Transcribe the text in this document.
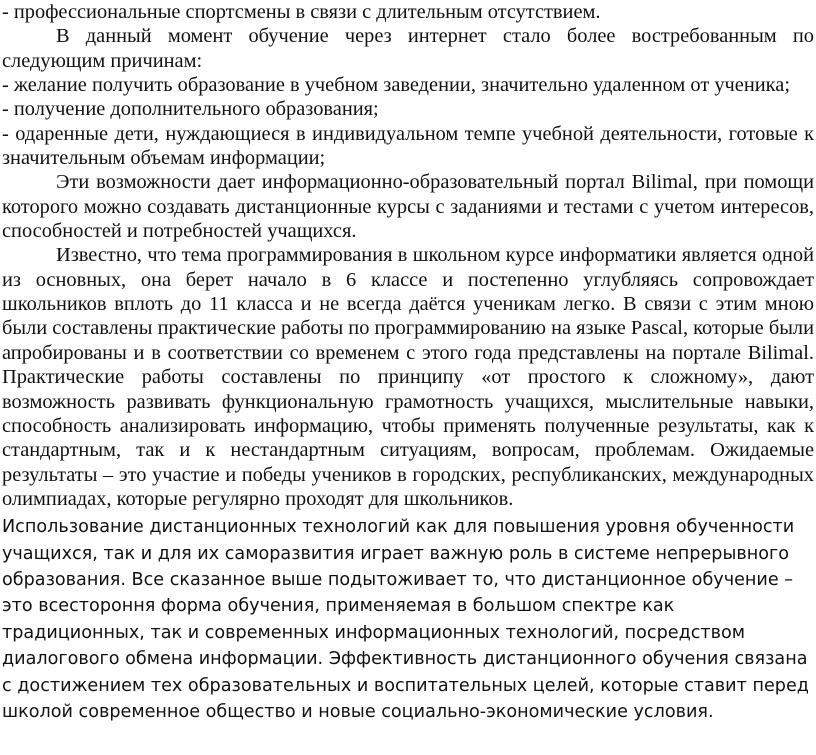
- профессиональные спортсмены в связи с длительным отсутствием.

В данный момент обучение через интернет стало более востребованным по следующим причинам:

- желание получить образование в учебном заведении, значительно удаленном от ученика;

- получение дополнительного образования;

- одаренные дети, нуждающиеся в индивидуальном темпе учебной деятельности, готовые к значительным объемам информации;

Эти возможности дает информационно-образовательный портал Bilimal, при помощи которого можно создавать дистанционные курсы с заданиями и тестами с учетом интересов, способностей и потребностей учащихся.

Известно, что тема программирования в школьном курсе информатики является одной из основных, она берет начало в 6 классе и постепенно углубляясь сопровождает школьников вплоть до 11 класса и не всегда даётся ученикам легко. В связи с этим мною были составлены практические работы по программированию на языке Pascal, которые были апробированы и в соответствии со временем с этого года представлены на портале Bilimal. Практические работы составлены по принципу «от простого к сложному», дают возможность развивать функциональную грамотность учащихся, мыслительные навыки, способность анализировать информацию, чтобы применять полученные результаты, как к стандартным, так и к нестандартным ситуациям, вопросам, проблемам. Ожидаемые результаты – это участие и победы учеников в городских, республиканских, международных олимпиадах, которые регулярно проходят для школьников.

Использование дистанционных технологий как для повышения уровня обученности учащихся, так и для их саморазвития играет важную роль в системе непрерывного образования. Все сказанное выше подытоживает то, что дистанционное обучение – это всестороння форма обучения, применяемая в большом спектре как традиционных, так и современных информационных технологий, посредством диалогового обмена информации. Эффективность дистанционного обучения связана с достижением тех образовательных и воспитательных целей, которые ставит перед школой современное общество и новые социально-экономические условия.
